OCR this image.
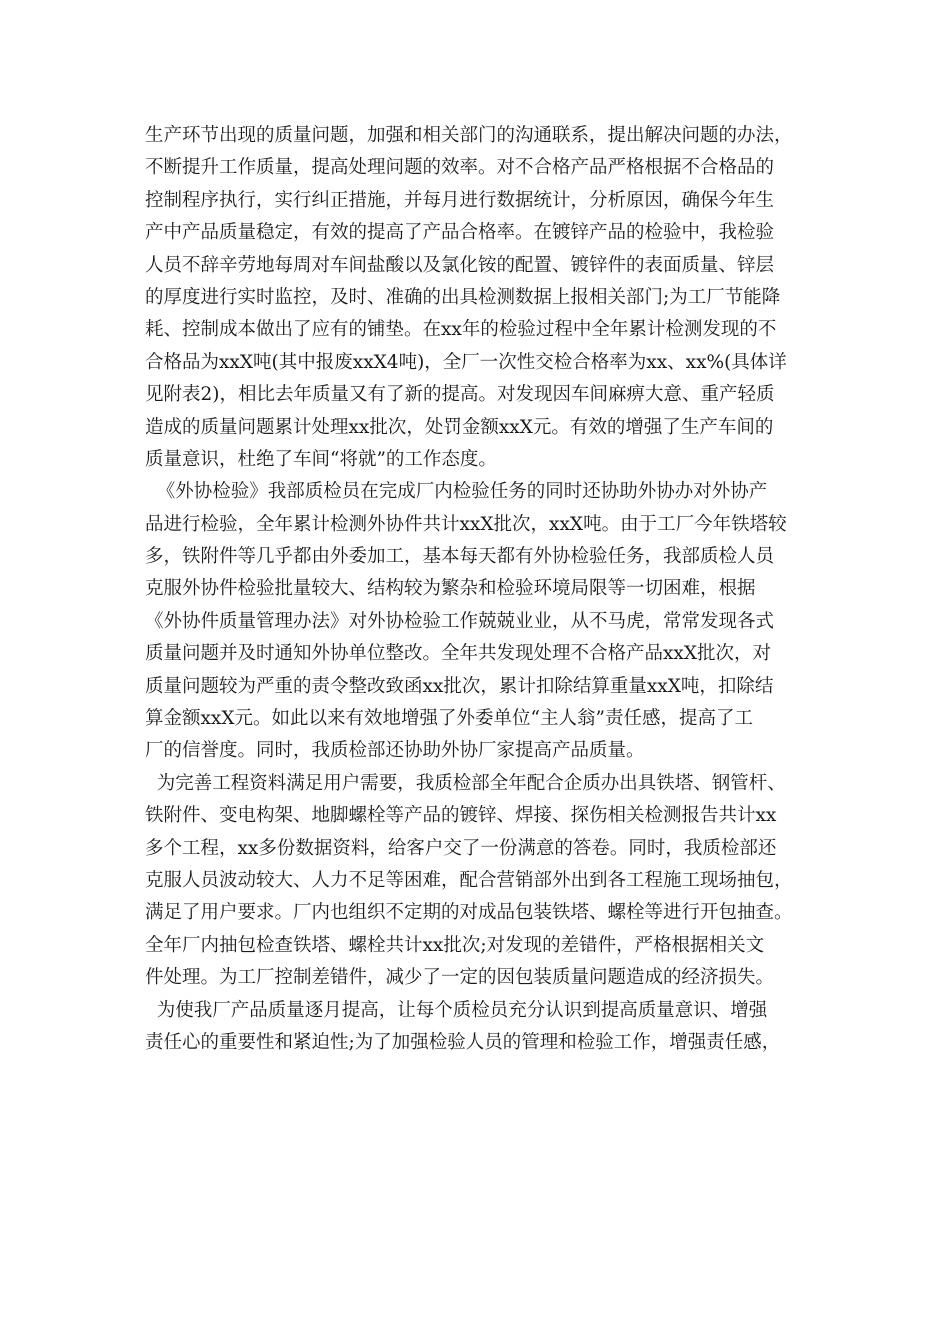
生产环节出现的质量问题，加强和相关部门的沟通联系，提出解决问题的办法，
不断提升工作质量，提高处理问题的效率。对不合格产品严格根据不合格品的
控制程序执行，实行纠正措施，并每月进行数据统计，分析原因，确保今年生
产中产品质量稳定，有效的提高了产品合格率。在镀锌产品的检验中，我检验
人员不辞辛劳地每周对车间盐酸以及氯化铵的配置、镀锌件的表面质量、锌层
的厚度进行实时监控，及时、准确的出具检测数据上报相关部门;为工厂节能降
耗、控制成本做出了应有的铺垫。在xx年的检验过程中全年累计检测发现的不
合格品为xxX吨(其中报废xxX4吨)，全厂一次性交检合格率为xx、xx%(具体详
见附表2)，相比去年质量又有了新的提高。对发现因车间麻痹大意、重产轻质
造成的质量问题累计处理xx批次，处罚金额xxX元。有效的增强了生产车间的
质量意识，杜绝了车间“将就”的工作态度。

《外协检验》我部质检员在完成厂内检验任务的同时还协助外协办对外协产
品进行检验，全年累计检测外协件共计xxX批次，xxX吨。由于工厂今年铁塔较
多，铁附件等几乎都由外委加工，基本每天都有外协检验任务，我部质检人员
克服外协件检验批量较大、结构较为繁杂和检验环境局限等一切困难，根据
《外协件质量管理办法》对外协检验工作兢兢业业，从不马虎，常常发现各式
质量问题并及时通知外协单位整改。全年共发现处理不合格产品xxX批次，对
质量问题较为严重的责令整改致函xx批次，累计扣除结算重量xxX吨，扣除结
算金额xxX元。如此以来有效地增强了外委单位“主人翁”责任感，提高了工
厂的信誉度。同时，我质检部还协助外协厂家提高产品质量。

为完善工程资料满足用户需要，我质检部全年配合企质办出具铁塔、钢管杆、
铁附件、变电构架、地脚螺栓等产品的镀锌、焊接、探伤相关检测报告共计xx
多个工程，xx多份数据资料，给客户交了一份满意的答卷。同时，我质检部还
克服人员波动较大、人力不足等困难，配合营销部外出到各工程施工现场抽包，
满足了用户要求。厂内也组织不定期的对成品包装铁塔、螺栓等进行开包抽查。
全年厂内抽包检查铁塔、螺栓共计xx批次;对发现的差错件，严格根据相关文
件处理。为工厂控制差错件，减少了一定的因包装质量问题造成的经济损失。

为使我厂产品质量逐月提高，让每个质检员充分认识到提高质量意识、增强
责任心的重要性和紧迫性;为了加强检验人员的管理和检验工作，增强责任感，
